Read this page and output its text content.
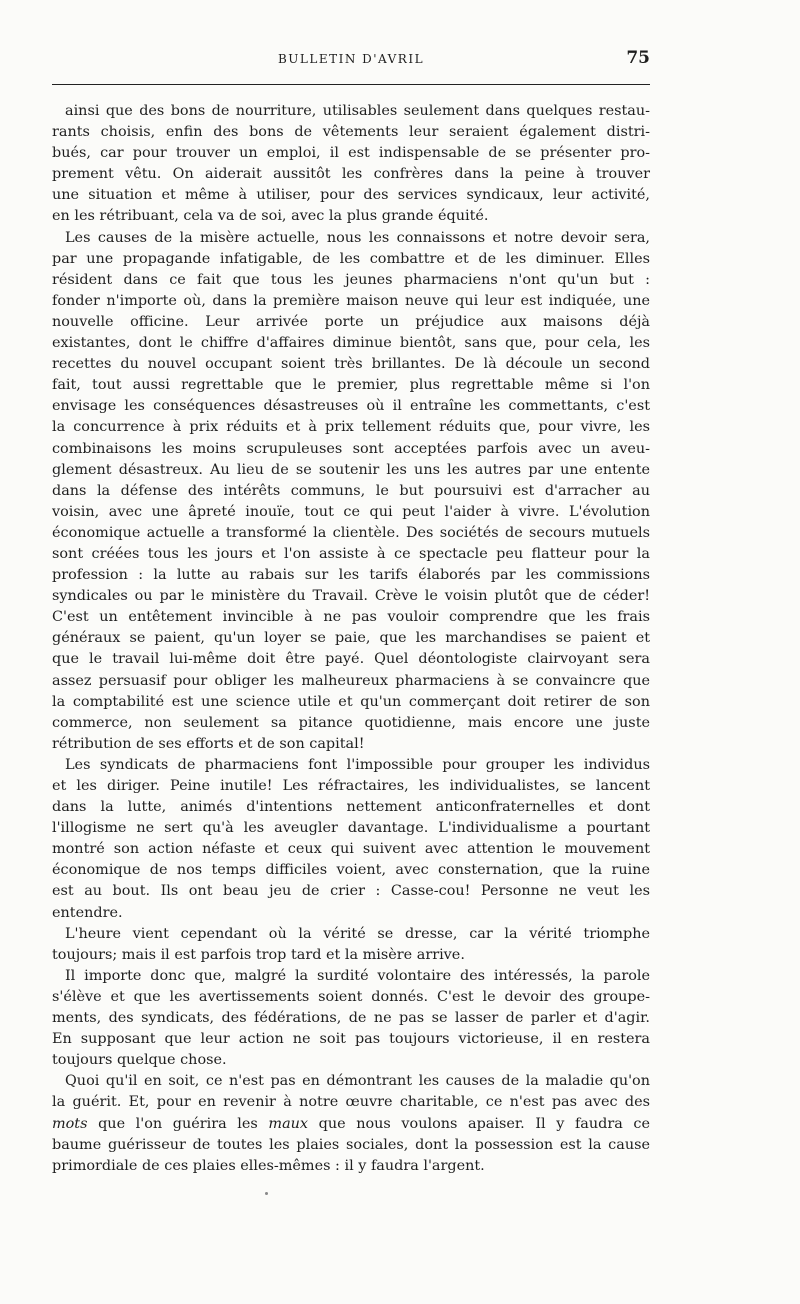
BULLETIN D'AVRIL	75
ainsi que des bons de nourriture, utilisables seulement dans quelques restau-
rants choisis, enfin des bons de vêtements leur seraient également distri-
bués, car pour trouver un emploi, il est indispensable de se présenter pro-
prement vêtu. On aiderait aussitôt les confrères dans la peine à trouver
une situation et même à utiliser, pour des services syndicaux, leur activité,
en les rétribuant, cela va de soi, avec la plus grande équité.
Les causes de la misère actuelle, nous les connaissons et notre devoir sera,
par une propagande infatigable, de les combattre et de les diminuer. Elles
résident dans ce fait que tous les jeunes pharmaciens n'ont qu'un but :
fonder n'importe où, dans la première maison neuve qui leur est indiquée, une
nouvelle officine. Leur arrivée porte un préjudice aux maisons déjà
existantes, dont le chiffre d'affaires diminue bientôt, sans que, pour cela, les
recettes du nouvel occupant soient très brillantes. De là découle un second
fait, tout aussi regrettable que le premier, plus regrettable même si l'on
envisage les conséquences désastreuses où il entraîne les commettants, c'est
la concurrence à prix réduits et à prix tellement réduits que, pour vivre, les
combinaisons les moins scrupuleuses sont acceptées parfois avec un aveu-
glement désastreux. Au lieu de se soutenir les uns les autres par une entente
dans la défense des intérêts communs, le but poursuivi est d'arracher au
voisin, avec une âpreté inouïe, tout ce qui peut l'aider à vivre. L'évolution
économique actuelle a transformé la clientèle. Des sociétés de secours mutuels
sont créées tous les jours et l'on assiste à ce spectacle peu flatteur pour la
profession : la lutte au rabais sur les tarifs élaborés par les commissions
syndicales ou par le ministère du Travail. Crève le voisin plutôt que de céder!
C'est un entêtement invincible à ne pas vouloir comprendre que les frais
généraux se paient, qu'un loyer se paie, que les marchandises se paient et
que le travail lui-même doit être payé. Quel déontologiste clairvoyant sera
assez persuasif pour obliger les malheureux pharmaciens à se convaincre que
la comptabilité est une science utile et qu'un commerçant doit retirer de son
commerce, non seulement sa pitance quotidienne, mais encore une juste
rétribution de ses efforts et de son capital!
Les syndicats de pharmaciens font l'impossible pour grouper les individus
et les diriger. Peine inutile! Les réfractaires, les individualistes, se lancent
dans la lutte, animés d'intentions nettement anticonfraternelles et dont
l'illogisme ne sert qu'à les aveugler davantage. L'individualisme a pourtant
montré son action néfaste et ceux qui suivent avec attention le mouvement
économique de nos temps difficiles voient, avec consternation, que la ruine
est au bout. Ils ont beau jeu de crier : Casse-cou! Personne ne veut les
entendre.
L'heure vient cependant où la vérité se dresse, car la vérité triomphe
toujours; mais il est parfois trop tard et la misère arrive.
Il importe donc que, malgré la surdité volontaire des intéressés, la parole
s'élève et que les avertissements soient donnés. C'est le devoir des groupe-
ments, des syndicats, des fédérations, de ne pas se lasser de parler et d'agir.
En supposant que leur action ne soit pas toujours victorieuse, il en restera
toujours quelque chose.
Quoi qu'il en soit, ce n'est pas en démontrant les causes de la maladie qu'on
la guérit. Et, pour en revenir à notre œuvre charitable, ce n'est pas avec des
mots que l'on guérira les maux que nous voulons apaiser. Il y faudra ce
baume guérisseur de toutes les plaies sociales, dont la possession est la cause
primordiale de ces plaies elles-mêmes : il y faudra l'argent.
